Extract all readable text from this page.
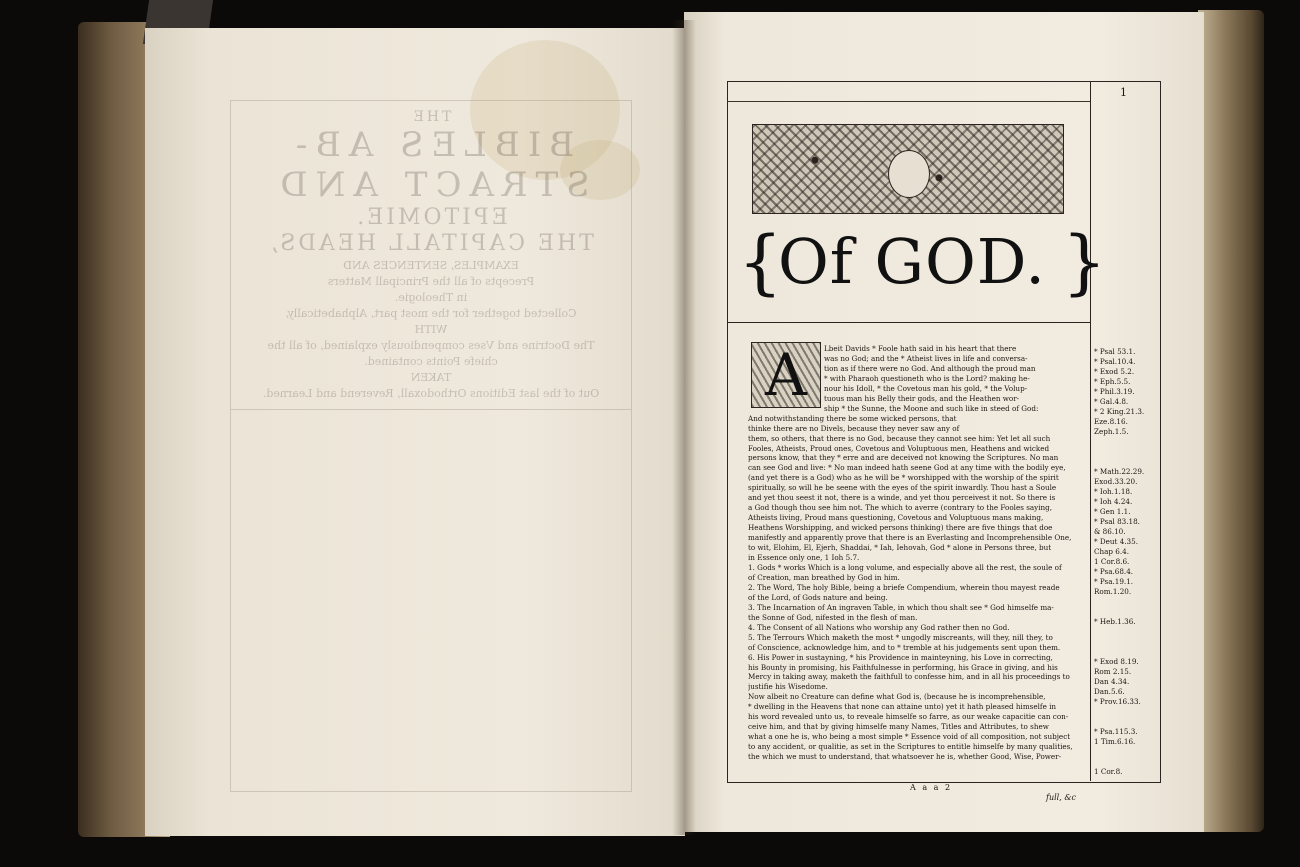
THE
BIBLES AB-
STRACT AND
EPITOMIE.
THE CAPITALL HEADS,
EXAMPLES, SENTENCES AND
Precepts of all the Principall Matters
in Theologie.
Collected together for the most part, Alphabetically,
WITH
The Doctrine and Vses compendiously explained, of all the
chiefe Points contained.
TAKEN
Out of the last Editions Orthodoxall, Reverend and Learned.
1
{
Of GOD. }
Lbeit Davids * Foole hath said in his heart that there
was no God; and the * Atheist lives in life and conversa-
tion as if there were no God. And although the proud man
* with Pharaoh questioneth who is the Lord? making he-
nour his Idoll, * the Covetous man his gold, * the Volup-
tuous man his Belly their gods, and the Heathen wor-
ship * the Sunne, the Moone and such like in steed of God:
And notwithstanding there be some wicked persons, that
thinke there are no Divels, because they never saw any of
them, so others, that there is no God, because they cannot see him: Yet let all such
Fooles, Atheists, Proud ones, Covetous and Voluptuous men, Heathens and wicked
persons know, that they * erre and are deceived not knowing the Scriptures. No man
can see God and live: * No man indeed hath seene God at any time with the bodily eye,
(and yet there is a God) who as he will be * worshipped with the worship of the spirit
spiritually, so will he be seene with the eyes of the spirit inwardly. Thou hast a Soule
and yet thou seest it not, there is a winde, and yet thou perceivest it not. So there is
a God though thou see him not. The which to averre (contrary to the Fooles saying,
Atheists living, Proud mans questioning, Covetous and Voluptuous mans making,
Heathens Worshipping, and wicked persons thinking) there are five things that doe
manifestly and apparently prove that there is an Everlasting and Incomprehensible One,
to wit, Elohim, El, Ejerh, Shaddai, * Iah, Iehovah, God * alone in Persons three, but
in Essence only one, 1 Ioh 5.7.
1. Gods * works Which is a long volume, and especially above all the rest, the soule of
of Creation, man breathed by God in him.
2. The Word, The holy Bible, being a briefe Compendium, wherein thou mayest reade
of the Lord, of Gods nature and being.
3. The Incarnation of An ingraven Table, in which thou shalt see * God himselfe ma-
the Sonne of God, nifested in the flesh of man.
4. The Consent of all Nations who worship any God rather then no God.
5. The Terrours Which maketh the most * ungodly miscreants, will they, nill they, to
of Conscience, acknowledge him, and to * tremble at his judgements sent upon them.
6. His Power in sustayning, * his Providence in mainteyning, his Love in correcting,
his Bounty in promising, his Faithfulnesse in performing, his Grace in giving, and his
Mercy in taking away, maketh the faithfull to confesse him, and in all his proceedings to
justifie his Wisedome.
Now albeit no Creature can define what God is, (because he is incomprehensible,
* dwelling in the Heavens that none can attaine unto) yet it hath pleased himselfe in
his word revealed unto us, to reveale himselfe so farre, as our weake capacitie can con-
ceive him, and that by giving himselfe many Names, Titles and Attributes, to shew
what a one he is, who being a most simple * Essence void of all composition, not subject
to any accident, or qualitie, as set in the Scriptures to entitle himselfe by many qualities,
the which we must to understand, that whatsoever he is, whether Good, Wise, Power-
A	* Psal 53.1.
* Psal.10.4.
* Exod 5.2.
* Eph.5.5.
* Phil.3.19.
* Gal.4.8.
* 2 King.21.3.
Eze.8.16.
Zeph.1.5.

* Math.22.29.
Exod.33.20.
* Ioh.1.18.
* Ioh 4.24.
* Gen 1.1.
* Psal 83.18.
& 86.10.
* Deut 4.35.
Chap 6.4.
1 Cor.8.6.
* Psa.68.4.
* Psa.19.1.
Rom.1.20.

* Heb.1.36.

* Exod 8.19.
Rom 2.15.
Dan 4.34.
Dan.5.6.
* Prov.16.33.

* Psa.115.3.
1 Tim.6.16.

1 Cor.8.
A a a 2
full, &c
